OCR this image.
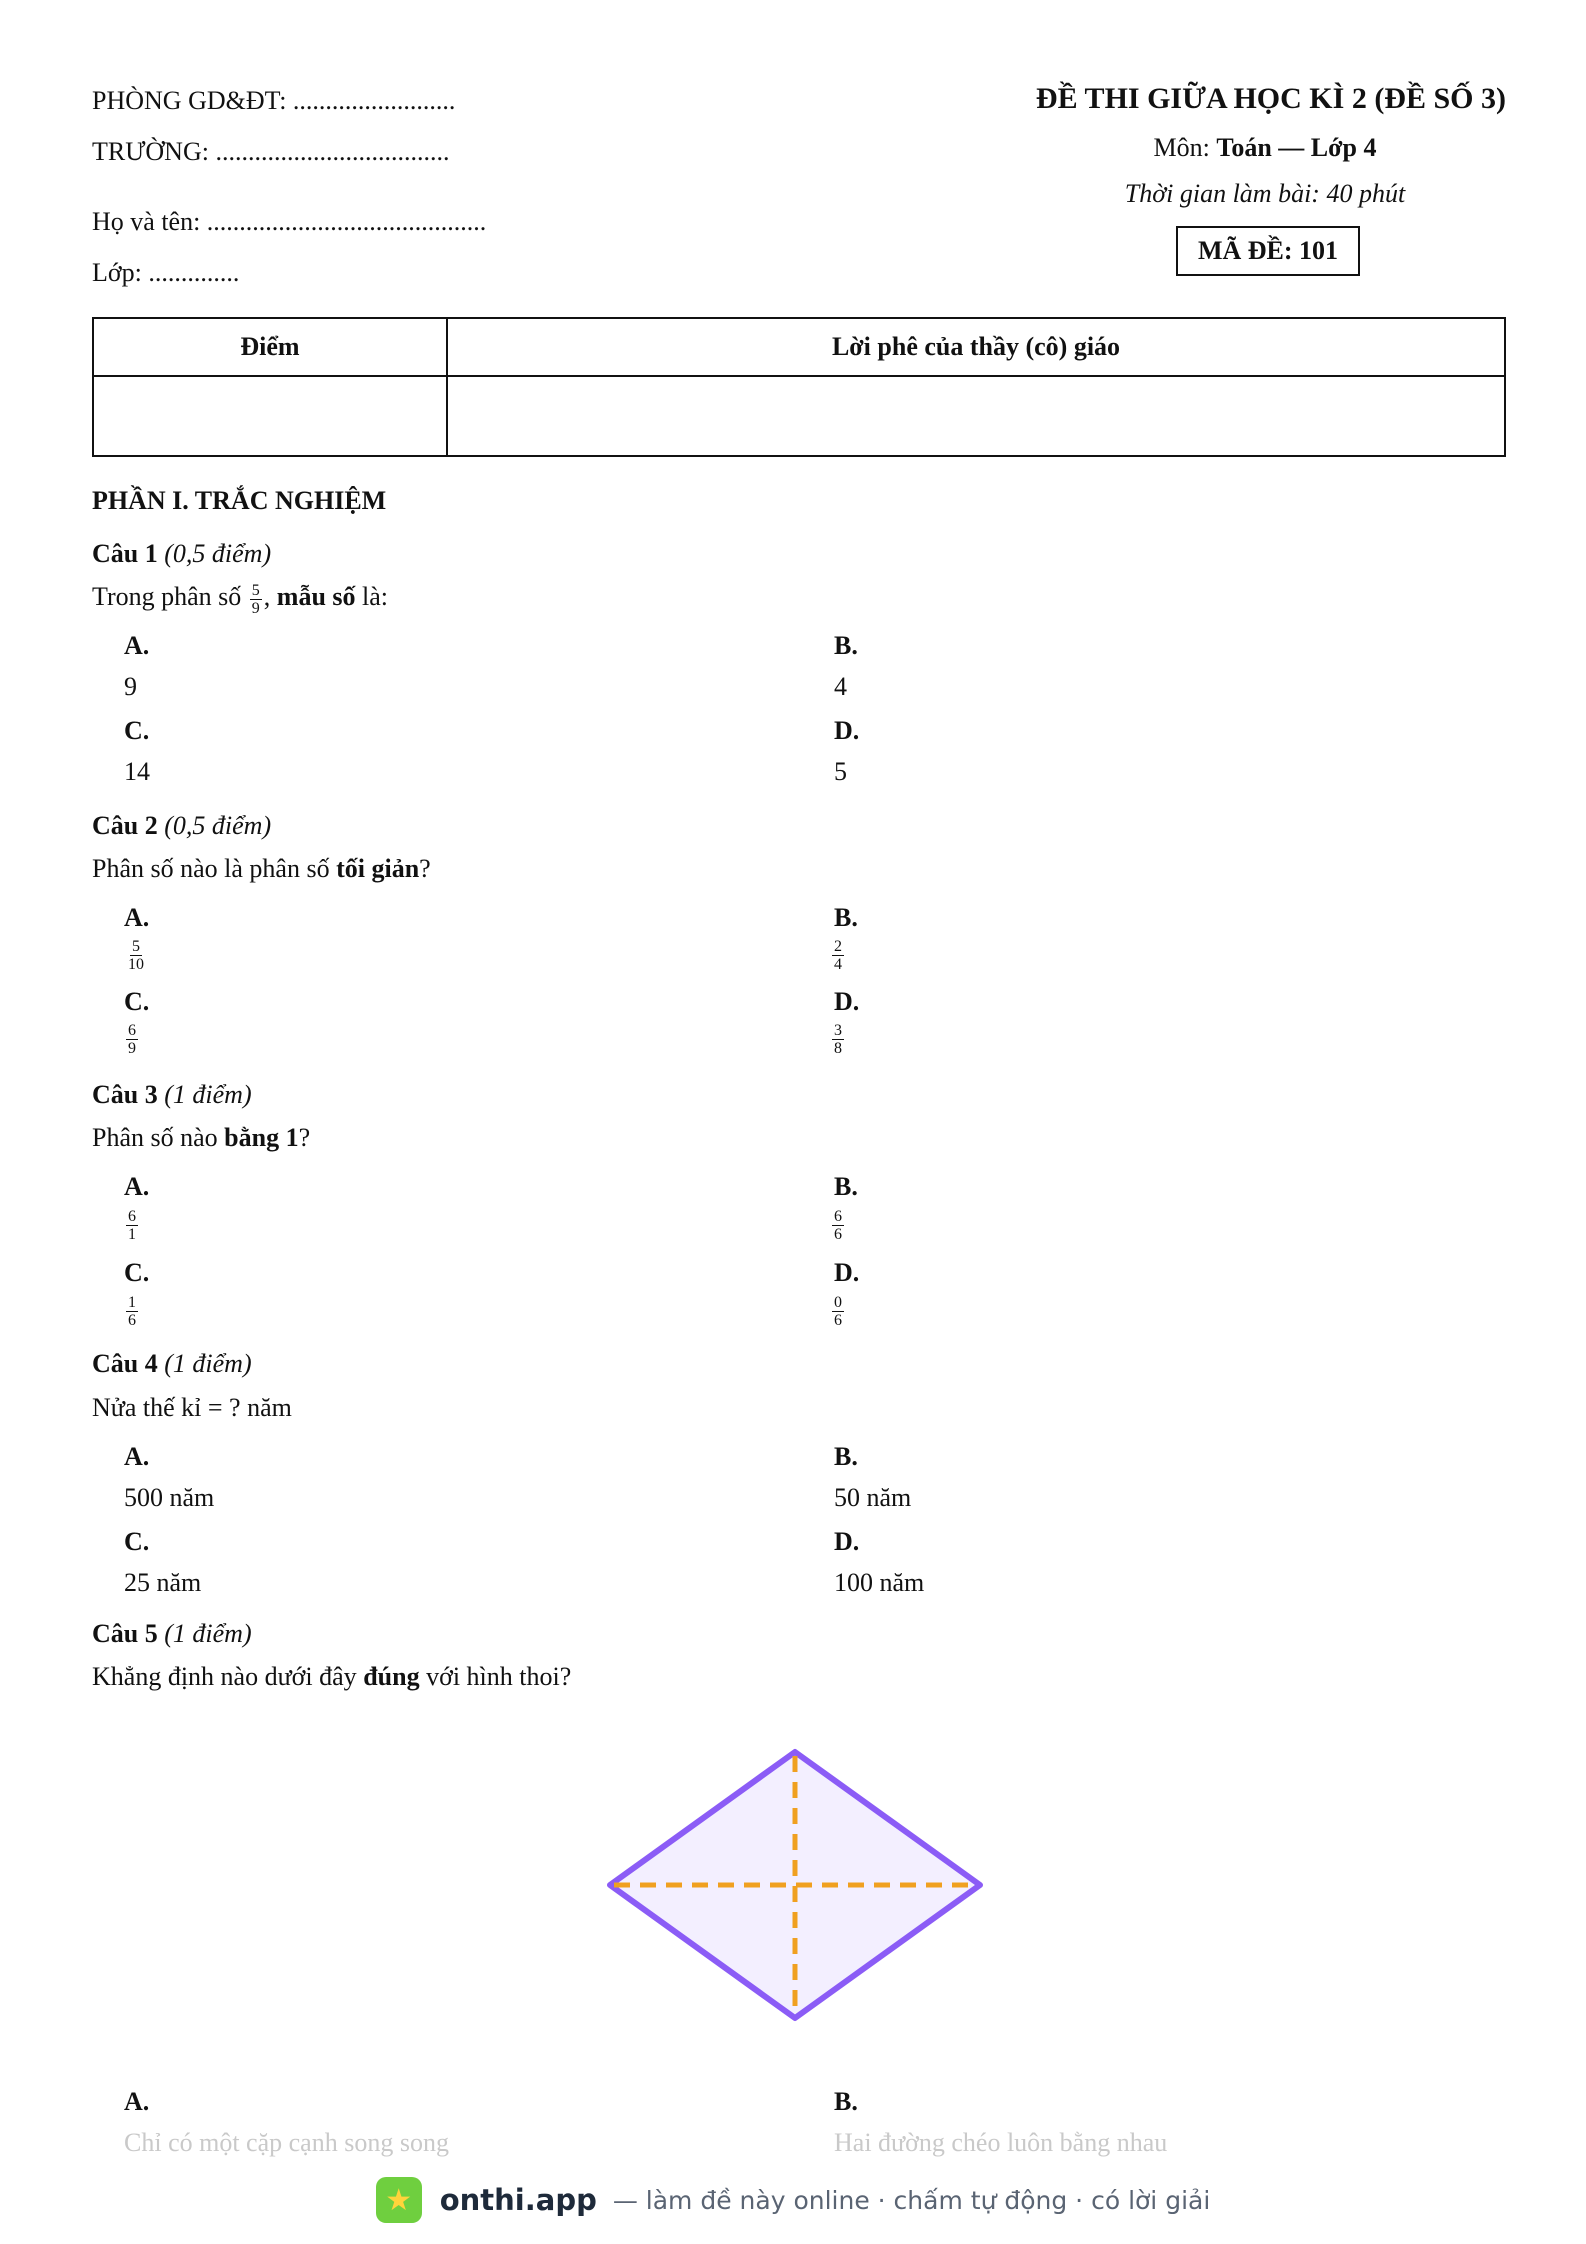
PHÒNG GD&ĐT: .........................
TRƯỜNG: ....................................
Họ và tên: ...........................................
Lớp: ..............
ĐỀ THI GIỮA HỌC KÌ 2 (ĐỀ SỐ 3)
Môn: Toán — Lớp 4
Thời gian làm bài: 40 phút
MÃ ĐỀ: 101
Điểm	Lời phê của thầy (cô) giáo

PHẦN I. TRẮC NGHIỆM
Câu 1 (0,5 điểm)
Trong phân số $\frac{5}{9}$ , mẫu số là:
A.
9
B.
4
C.
14
D.
5
Câu 2 (0,5 điểm)
Phân số nào là phân số tối giản?
A.
$\frac{5}{10}$
B.
$\frac{2}{4}$
C.
$\frac{6}{9}$
D.
$\frac{3}{8}$
Câu 3 (1 điểm)
Phân số nào bằng 1?
A.
$\frac{6}{1}$
B.
$\frac{6}{6}$
C.
$\frac{1}{6}$
D.
$\frac{0}{6}$
Câu 4 (1 điểm)
Nửa thế kỉ = ? năm
A.
500 năm
B.
50 năm
C.
25 năm
D.
100 năm
Câu 5 (1 điểm)
Khẳng định nào dưới đây đúng với hình thoi?
A.
Chỉ có một cặp cạnh song song
B.
Hai đường chéo luôn bằng nhau
★ onthi.app — làm đề này online · chấm tự động · có lời giải
